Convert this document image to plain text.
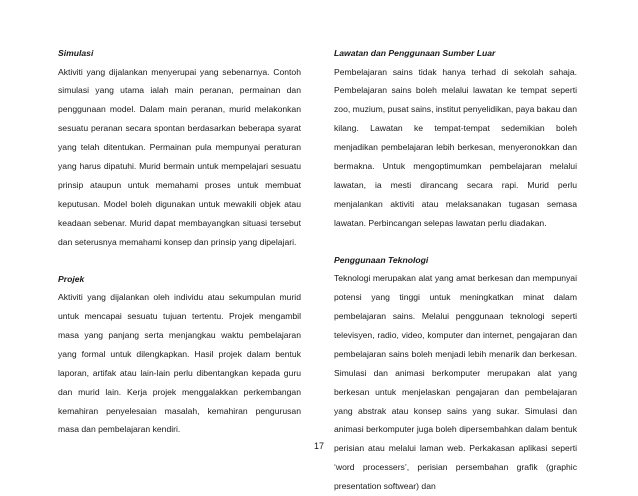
Simulasi

Aktiviti yang dijalankan menyerupai yang sebenarnya. Contoh simulasi yang utama ialah main peranan, permainan dan penggunaan model. Dalam main peranan, murid melakonkan sesuatu peranan secara spontan berdasarkan beberapa syarat yang telah ditentukan. Permainan pula mempunyai peraturan yang harus dipatuhi. Murid bermain untuk mempelajari sesuatu prinsip ataupun untuk memahami proses untuk membuat keputusan. Model boleh digunakan untuk mewakili objek atau keadaan sebenar. Murid dapat membayangkan situasi tersebut dan seterusnya memahami konsep dan prinsip yang dipelajari.

Projek

Aktiviti yang dijalankan oleh individu atau sekumpulan murid untuk mencapai sesuatu tujuan tertentu. Projek mengambil masa yang panjang serta menjangkau waktu pembelajaran yang formal untuk dilengkapkan. Hasil projek dalam bentuk laporan, artifak atau lain-lain perlu dibentangkan kepada guru dan murid lain. Kerja projek menggalakkan perkembangan kemahiran penyelesaian masalah, kemahiran pengurusan masa dan pembelajaran kendiri.

Lawatan dan Penggunaan Sumber Luar

Pembelajaran sains tidak hanya terhad di sekolah sahaja. Pembelajaran sains boleh melalui lawatan ke tempat seperti zoo, muzium, pusat sains, institut penyelidikan, paya bakau dan kilang. Lawatan ke tempat-tempat sedemikian boleh menjadikan pembelajaran lebih berkesan, menyeronokkan dan bermakna. Untuk mengoptimumkan pembelajaran melalui lawatan, ia mesti dirancang secara rapi. Murid perlu menjalankan aktiviti atau melaksanakan tugasan semasa lawatan. Perbincangan selepas lawatan perlu diadakan.

Penggunaan Teknologi

Teknologi merupakan alat yang amat berkesan dan mempunyai potensi yang tinggi untuk meningkatkan minat dalam pembelajaran sains. Melalui penggunaan teknologi seperti televisyen, radio, video, komputer dan internet, pengajaran dan pembelajaran sains boleh menjadi lebih menarik dan berkesan. Simulasi dan animasi berkomputer merupakan alat yang berkesan untuk menjelaskan pengajaran dan pembelajaran yang abstrak atau konsep sains yang sukar. Simulasi dan animasi berkomputer juga boleh dipersembahkan dalam bentuk perisian atau melalui laman web. Perkakasan aplikasi seperti ‘word processers’, perisian persembahan grafik (graphic presentation softwear) dan

17
